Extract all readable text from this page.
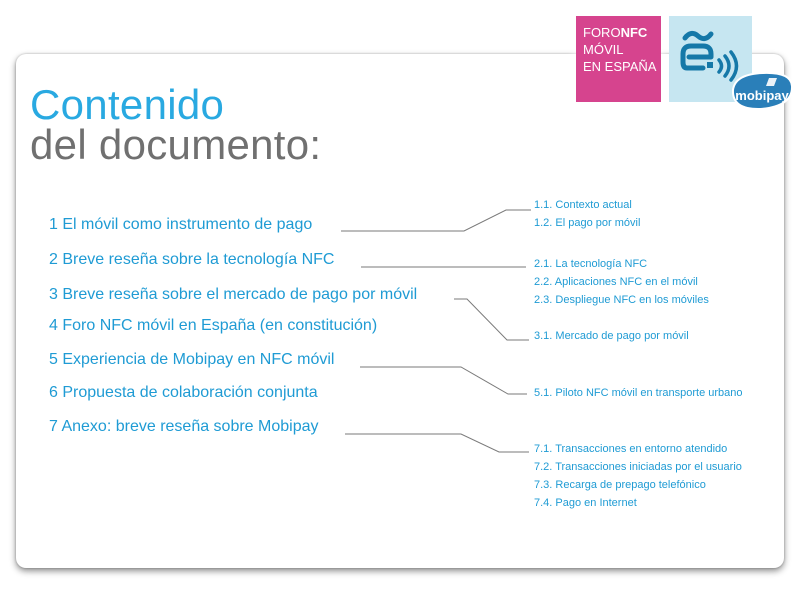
FORONFC
MÓVIL
EN ESPAÑA
mobipay
Contenido
del documento:
1 El móvil como instrumento de pago
2 Breve reseña sobre la tecnología NFC
3 Breve reseña sobre el mercado de pago por móvil
4 Foro NFC móvil en España (en constitución)
5 Experiencia de Mobipay en NFC móvil
6 Propuesta de colaboración conjunta
7 Anexo: breve reseña sobre Mobipay
1.1. Contexto actual
1.2. El pago por móvil
2.1. La tecnología NFC
2.2. Aplicaciones NFC en el móvil
2.3. Despliegue NFC en los móviles
3.1. Mercado de pago por móvil
5.1. Piloto NFC móvil en transporte urbano
7.1. Transacciones en entorno atendido
7.2. Transacciones iniciadas por el usuario
7.3. Recarga de prepago telefónico
7.4. Pago en Internet
